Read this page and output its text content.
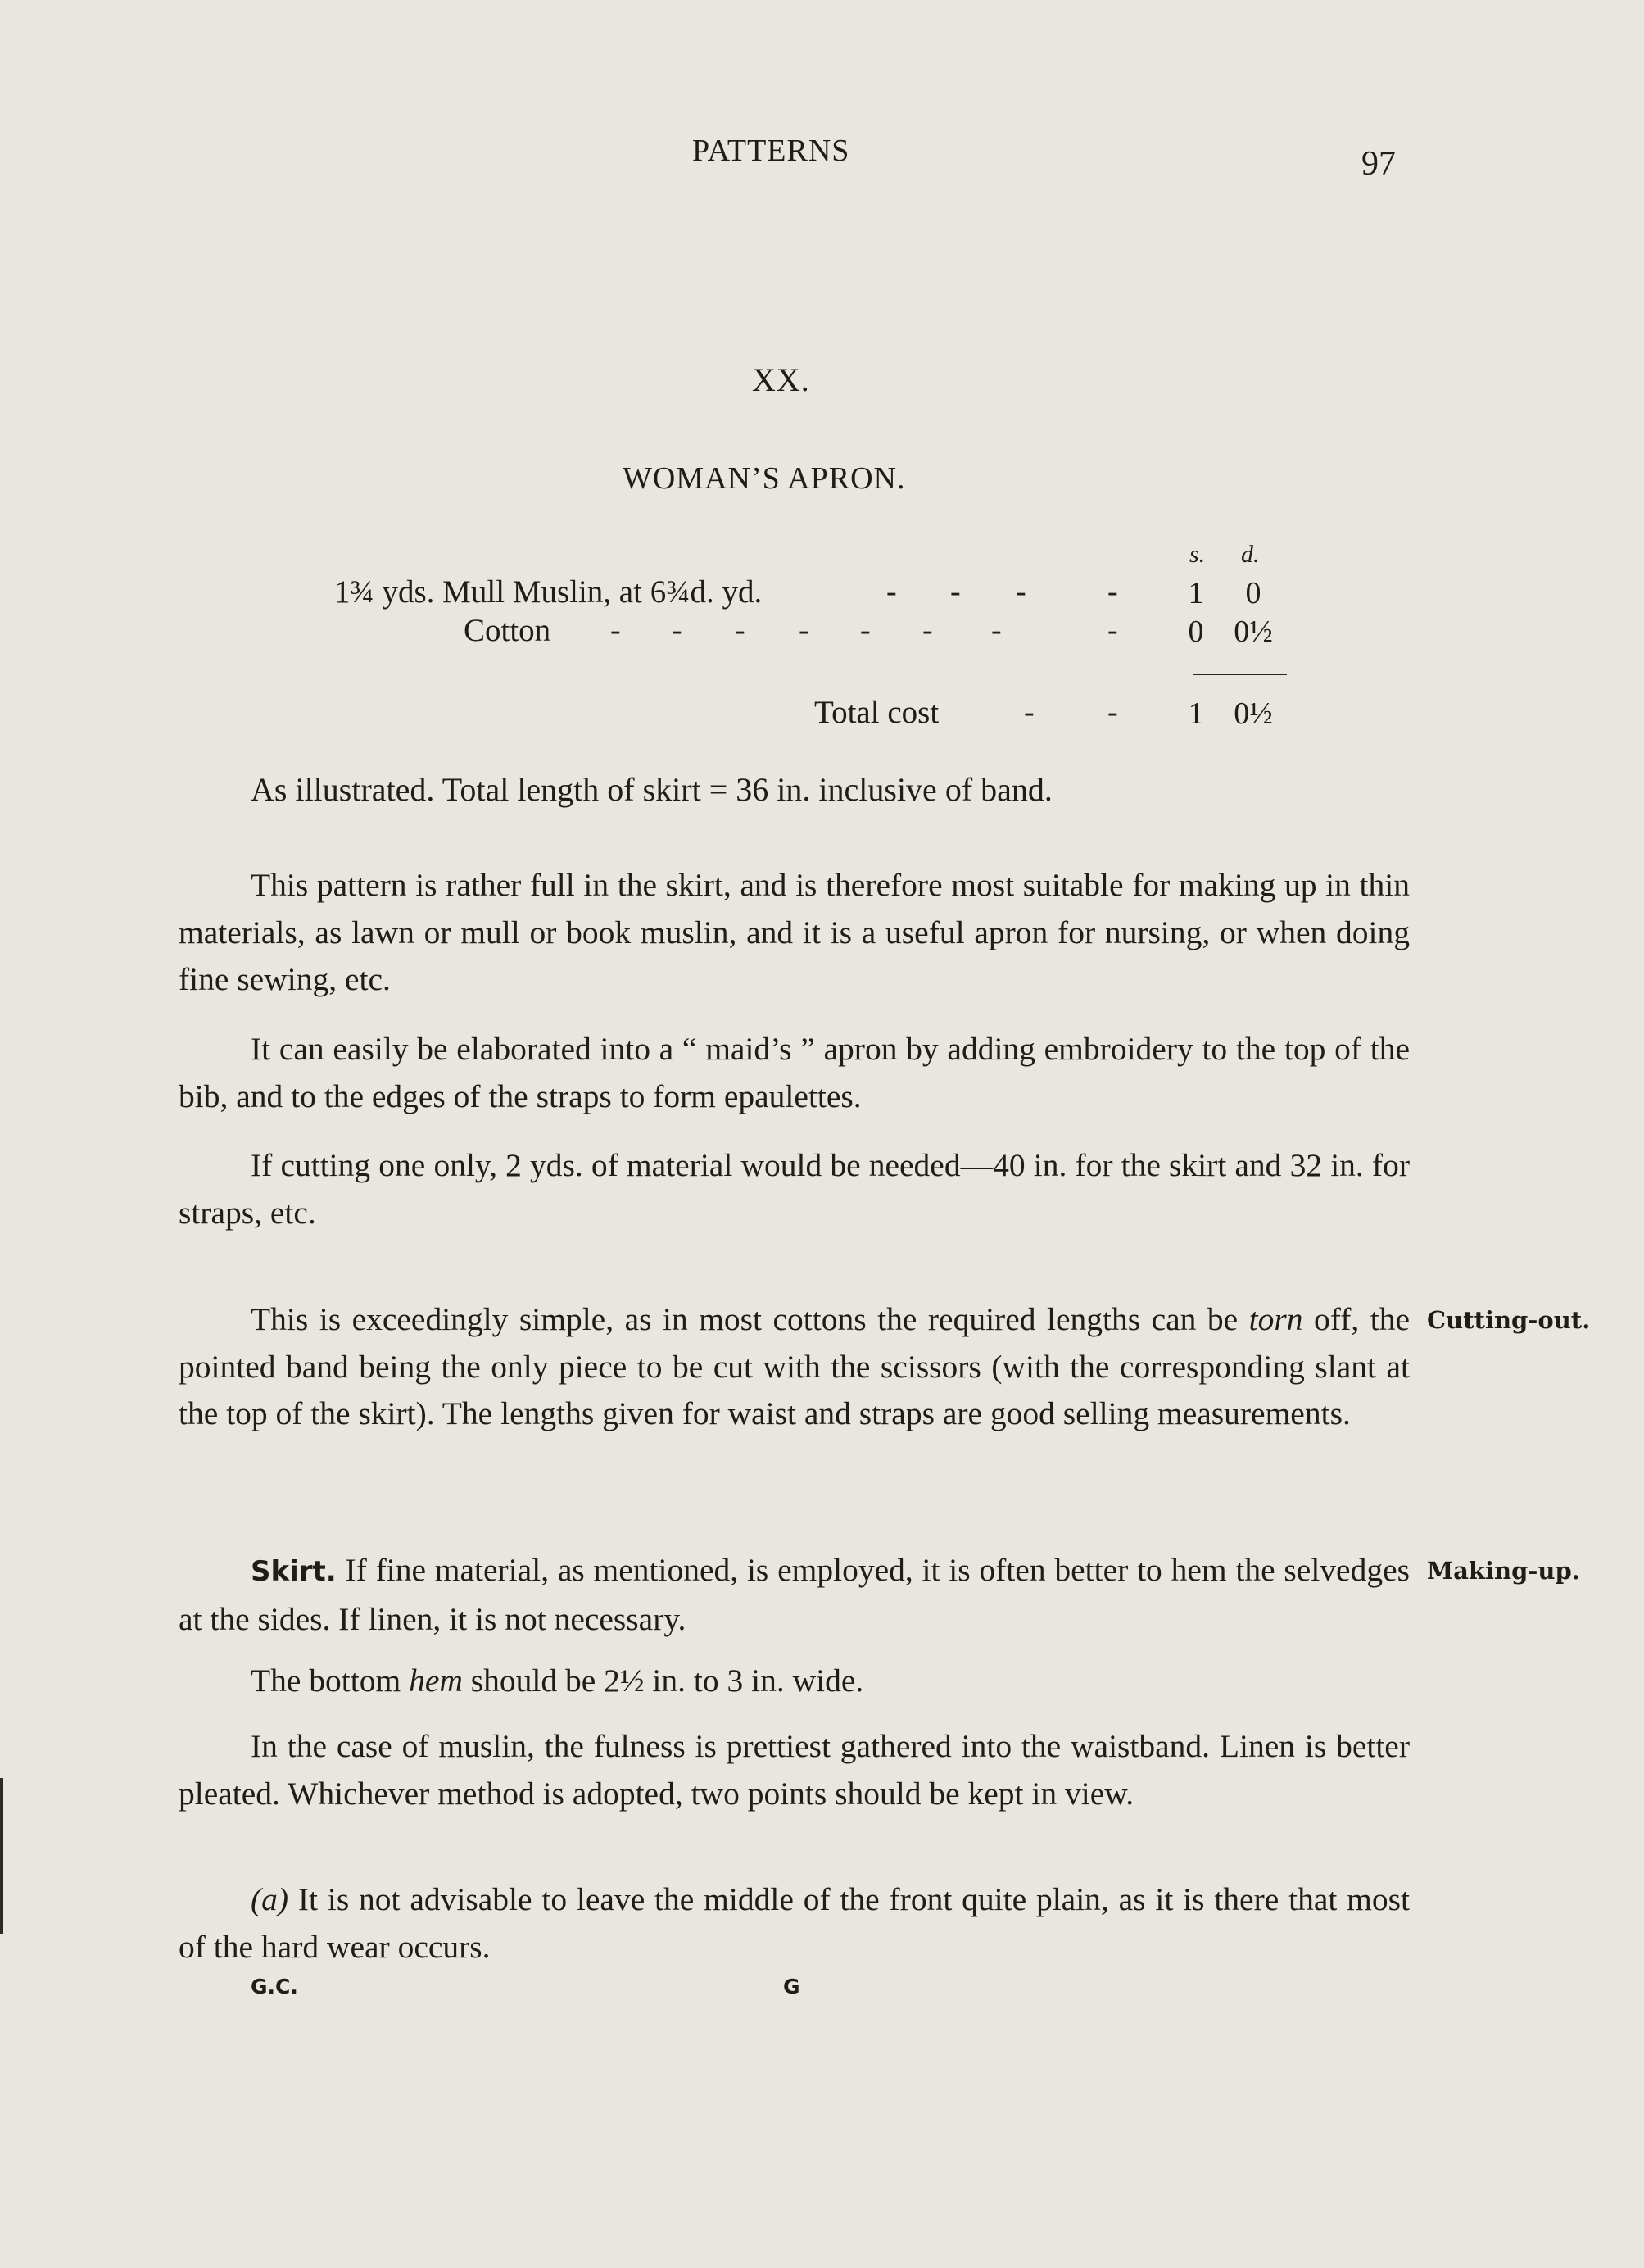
PATTERNS	97
XX.
WOMAN’S APRON.
s. d.
1¾ yds. Mull Muslin, at 6¾d. yd.	- - -	-	1	0
Cotton - - - - - - -	-	0 0½
Total cost	- -	1 0½
As illustrated. Total length of skirt = 36 in. inclusive of band.

This pattern is rather full in the skirt, and is therefore most suitable for making up in thin materials, as lawn or mull or book muslin, and it is a useful apron for nursing, or when doing fine sewing, etc.

It can easily be elaborated into a “ maid’s ” apron by adding embroidery to the top of the bib, and to the edges of the straps to form epaulettes.

If cutting one only, 2 yds. of material would be needed—40 in. for the skirt and 32 in. for straps, etc.

This is exceedingly simple, as in most cottons the required lengths can be torn off, the pointed band being the only piece to be cut with the scissors (with the corresponding slant at the top of the skirt). The lengths given for waist and straps are good selling measurements.

Cutting-out.

Skirt. If fine material, as mentioned, is employed, it is often better to hem the selvedges at the sides. If linen, it is not necessary.

Making-up.

The bottom hem should be 2½ in. to 3 in. wide.

In the case of muslin, the fulness is prettiest gathered into the waistband. Linen is better pleated. Whichever method is adopted, two points should be kept in view.

(a) It is not advisable to leave the middle of the front quite plain, as it is there that most of the hard wear occurs.

G.C.	G
